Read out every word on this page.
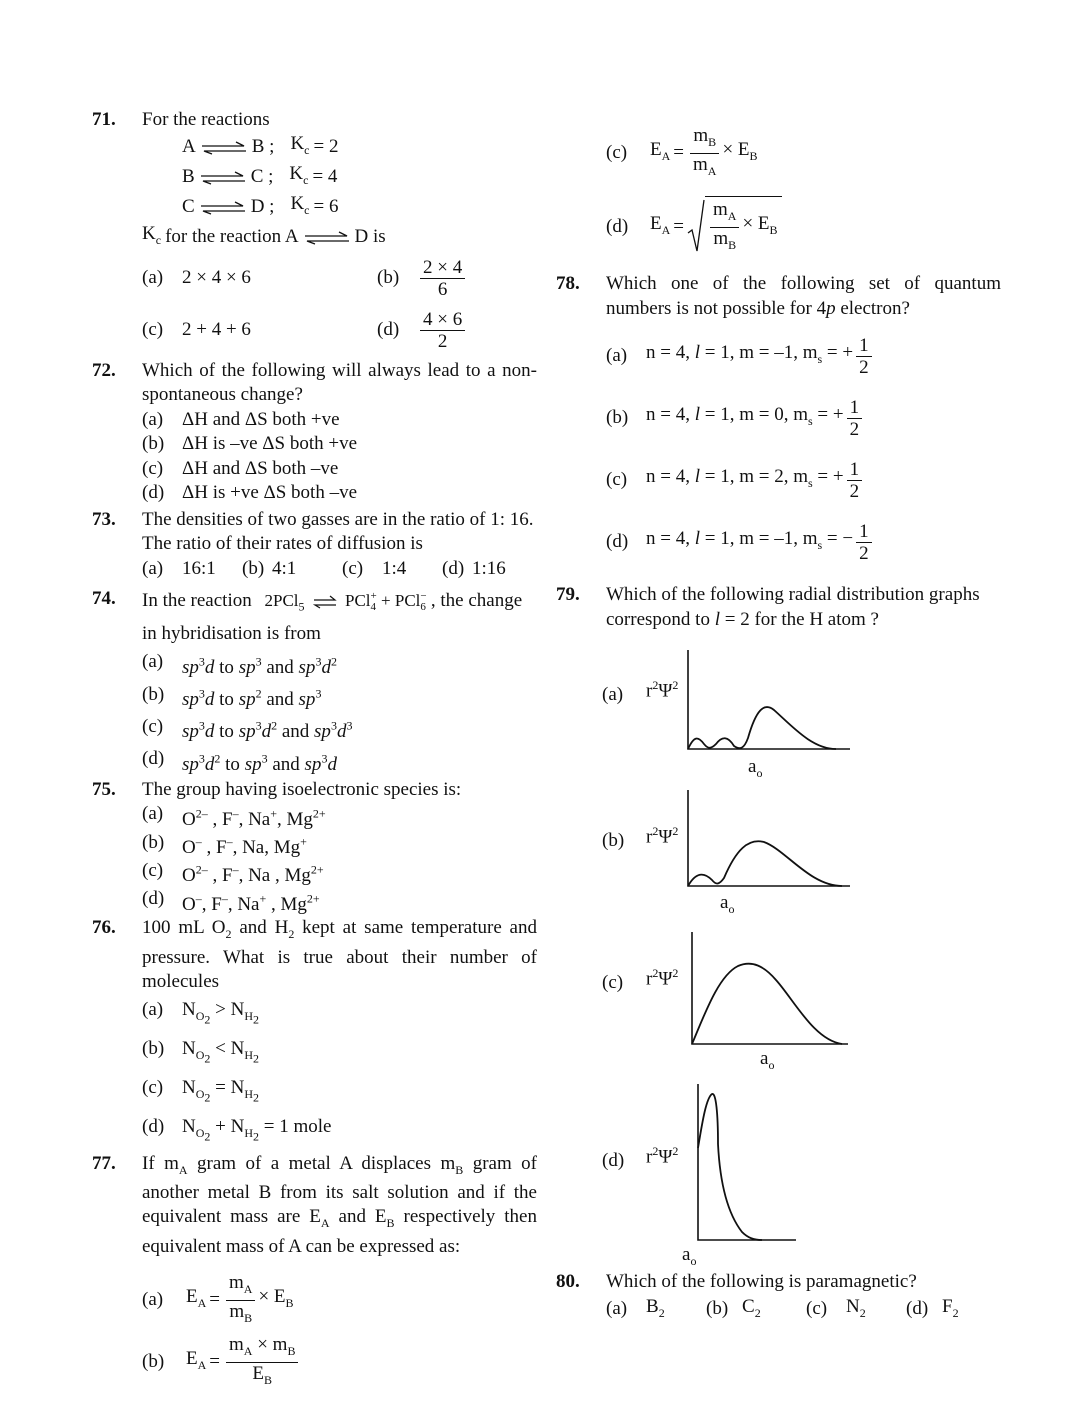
71. For the reactions
A ⇌ B ; $K_c = 2$
B ⇌ C ; $K_c = 4$
C ⇌ D ; $K_c = 6$
$K_c$ for the reaction A ⇌ D is
(a) 2 × 4 × 6	(b)	$\frac{2 \times 4}{6}$
(c) 2 + 4 + 6	(d)	$\frac{4 \times 6}{2}$
72. Which of the following will always lead to a non-spontaneous change?
(a) ΔH and ΔS both +ve
(b) ΔH is –ve ΔS both +ve
(c) ΔH and ΔS both –ve
(d) ΔH is +ve ΔS both –ve
73. The densities of two gasses are in the ratio of 1: 16. The ratio of their rates of diffusion is
(a) 16:1	(b) 4:1	(c) 1:4	(d) 1:16
74. In the reaction 2PCl$_5$ ⇌ PCl +
4 + PCl −
6 , the change in hybridisation is from
(a) $sp^3d$ to $sp^3$ and $sp^3d^2$
(b) $sp^3d$ to $sp^2$ and $sp^3$
(c) $sp^3d$ to $sp^3d^2$ and $sp^3d^3$
(d) $sp^3d^2$ to $sp^3$ and $sp^3d$
75. The group having isoelectronic species is:
(a) $O^{2-}$ , F–, Na+, $Mg^{2+}$
(b) O– , F–, Na, Mg+
(c) $O^{2-}$ , F–, Na , $Mg^{2+}$
(d) O–, F–, Na+ , $Mg^{2+}$
76. 100 mL $O_2$ and $H_2$ kept at same temperature and pressure. What is true about their number of molecules
(a) $N_{O_2} > N_{H_2}$
(b) $N_{O_2} < N_{H_2}$
(c) $N_{O_2} = N_{H_2}$
(d) $N_{O_2} + N_{H_2} = 1$ mole
77. If $m_A$ gram of a metal A displaces $m_B$ gram of another metal B from its salt solution and if the equivalent mass are $E_A$ and $E_B$ respectively then equivalent mass of A can be expressed as:
(a)	$E_A = \frac{m_A}{m_B} \times E_B$
(b)	$E_A = \frac{m_A \times m_B}{E_B}$
(c)	$E_A = \frac{m_B}{m_A} \times E_B$
(d)	$E_A = \frac{m_A}{m_B} \times E_B$
78. Which one of the following set of quantum numbers is not possible for 4p electron?
(a) n = 4, l = 1, m = –1, $m_s$ = + $\frac{1}{2}$
(b) n = 4, l = 1, m = 0, $m_s$ = + $\frac{1}{2}$
(c) n = 4, l = 1, m = 2, $m_s$ = + $\frac{1}{2}$
(d) n = 4, l = 1, m = –1, $m_s$ = − $\frac{1}{2}$
79. Which of the following radial distribution graphs correspond to l = 2 for the H atom ?
(a) $r^2\Psi^2$
$a_o$
(b) $r^2\Psi^2$
$a_o$
(c) $r^2\Psi^2$
$a_o$
(d) $r^2\Psi^2$
$a_o$
80. Which of the following is paramagnetic?
(a) $B_2$	(b) $C_2$	(c) $N_2$	(d) $F_2$
